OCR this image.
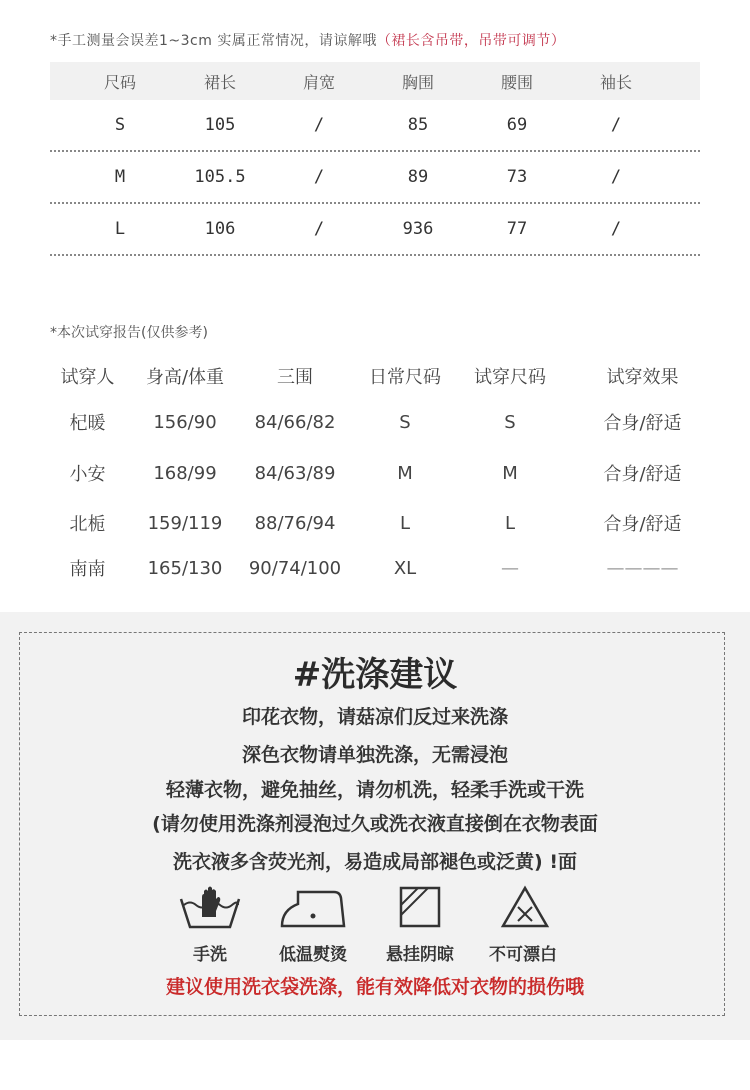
*手工测量会误差1~3cm 实属正常情况，请谅解哦（裙长含吊带，吊带可调节）
尺码	裙长	肩宽	胸围	腰围	袖长
S	105	/	85	69	/
M	105.5	/	89	73	/
L	106	/	936	77	/
*本次试穿报告(仅供参考)
试穿人	身高/体重	三围	日常尺码	试穿尺码	试穿效果
杞暖	156/90	84/66/82	S	S	合身/舒适
小安	168/99	84/63/89	M	M	合身/舒适
北栀	159/119	88/76/94	L	L	合身/舒适
南南	165/130	90/74/100	XL	—	————
#洗涤建议
印花衣物，请菇凉们反过来洗涤
深色衣物请单独洗涤，无需浸泡
轻薄衣物，避免抽丝，请勿机洗，轻柔手洗或干洗
(请勿使用洗涤剂浸泡过久或洗衣液直接倒在衣物表面
洗衣液多含荧光剂，易造成局部褪色或泛黄) !面
手洗	低温熨烫	悬挂阴晾	不可漂白
建议使用洗衣袋洗涤，能有效降低对衣物的损伤哦
